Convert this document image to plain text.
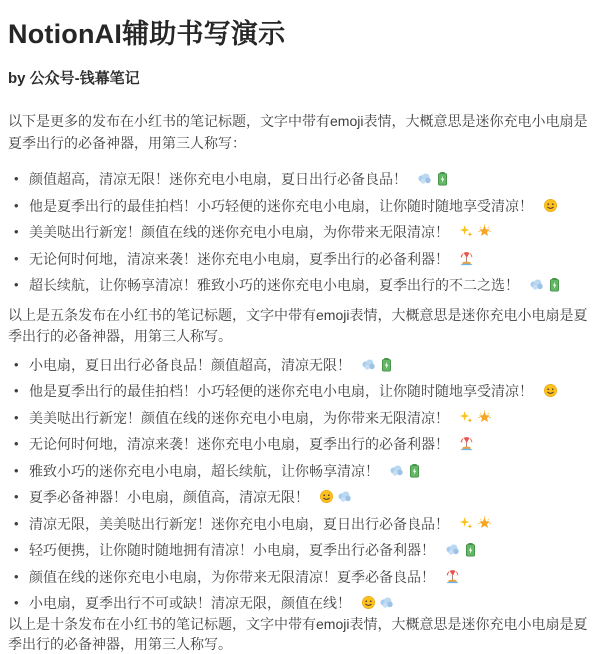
NotionAI辅助书写演示
by 公众号-钱幕笔记

以下是更多的发布在小红书的笔记标题，文字中带有emoji表情，大概意思是迷你充电小电扇是夏季出行的必备神器，用第三人称写：

• 颜值超高，清凉无限！迷你充电小电扇，夏日出行必备良品！
• 他是夏季出行的最佳拍档！小巧轻便的迷你充电小电扇，让你随时随地享受清凉！
• 美美哒出行新宠！颜值在线的迷你充电小电扇，为你带来无限清凉！
• 无论何时何地，清凉来袭！迷你充电小电扇，夏季出行的必备利器！
• 超长续航，让你畅享清凉！雅致小巧的迷你充电小电扇，夏季出行的不二之选！

以上是五条发布在小红书的笔记标题，文字中带有emoji表情，大概意思是迷你充电小电扇是夏季出行的必备神器，用第三人称写。

• 小电扇，夏日出行必备良品！颜值超高，清凉无限！
• 他是夏季出行的最佳拍档！小巧轻便的迷你充电小电扇，让你随时随地享受清凉！
• 美美哒出行新宠！颜值在线的迷你充电小电扇，为你带来无限清凉！
• 无论何时何地，清凉来袭！迷你充电小电扇，夏季出行的必备利器！
• 雅致小巧的迷你充电小电扇，超长续航，让你畅享清凉！
• 夏季必备神器！小电扇，颜值高，清凉无限！
• 清凉无限，美美哒出行新宠！迷你充电小电扇，夏日出行必备良品！
• 轻巧便携，让你随时随地拥有清凉！小电扇，夏季出行必备利器！
• 颜值在线的迷你充电小电扇，为你带来无限清凉！夏季必备良品！
• 小电扇，夏季出行不可或缺！清凉无限，颜值在线！

以上是十条发布在小红书的笔记标题，文字中带有emoji表情，大概意思是迷你充电小电扇是夏季出行的必备神器，用第三人称写。
